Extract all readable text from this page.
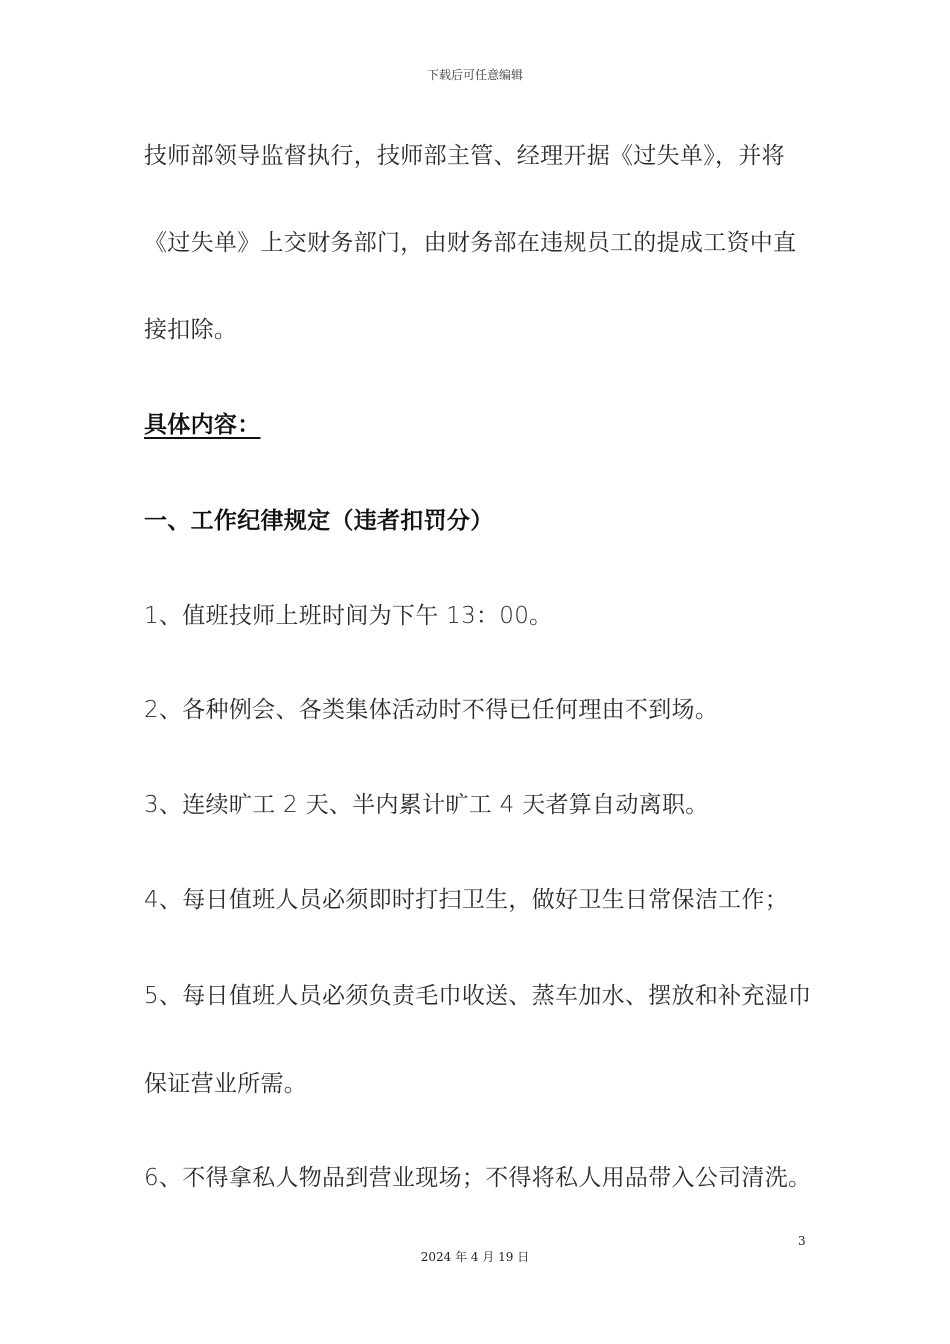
下载后可任意编辑
技师部领导监督执行，技师部主管、经理开据《过失单》，并将
《过失单》上交财务部门，由财务部在违规员工的提成工资中直
接扣除。
具体内容：
一、工作纪律规定（违者扣罚分）
1、值班技师上班时间为下午 13：00。
2、各种例会、各类集体活动时不得已任何理由不到场。
3、连续旷工 2 天、半内累计旷工 4 天者算自动离职。
4、每日值班人员必须即时打扫卫生，做好卫生日常保洁工作；
5、每日值班人员必须负责毛巾收送、蒸车加水、摆放和补充湿巾
保证营业所需。
6、不得拿私人物品到营业现场；不得将私人用品带入公司清洗。
3
2024 年 4 月 19 日
